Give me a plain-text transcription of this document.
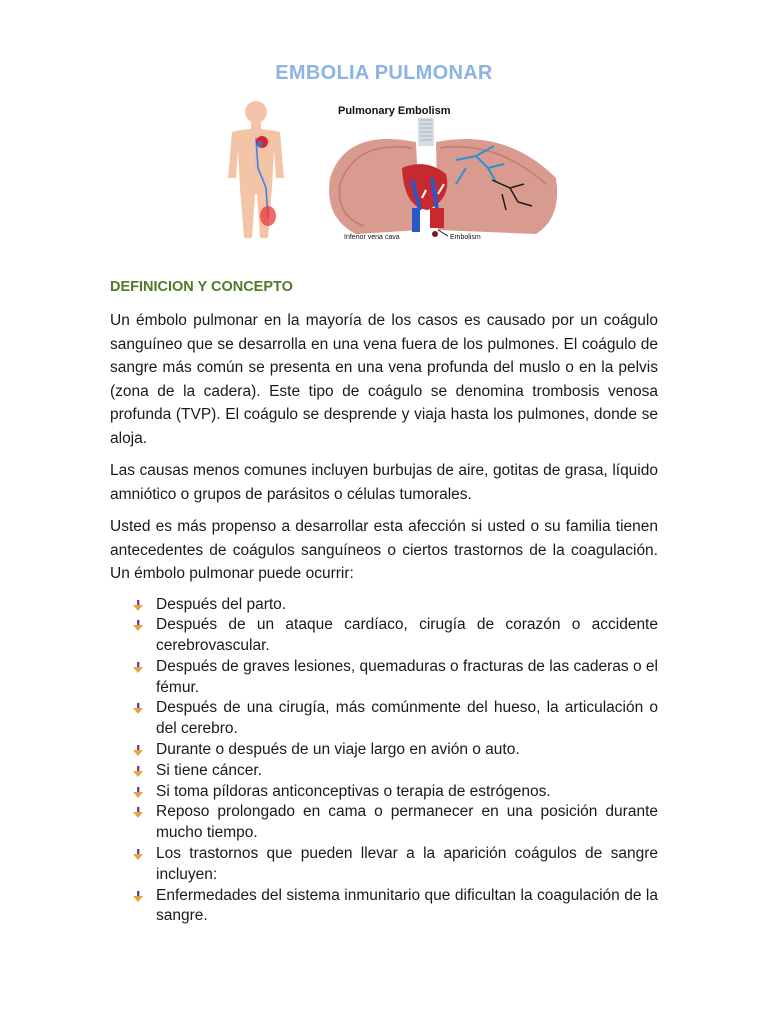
EMBOLIA PULMONAR
Pulmonary Embolism
Inferior vena cava	Embolism
DEFINICION Y CONCEPTO

Un émbolo pulmonar en la mayoría de los casos es causado por un coágulo sanguíneo que se desarrolla en una vena fuera de los pulmones. El coágulo de sangre más común se presenta en una vena profunda del muslo o en la pelvis (zona de la cadera). Este tipo de coágulo se denomina trombosis venosa profunda (TVP). El coágulo se desprende y viaja hasta los pulmones, donde se aloja.

Las causas menos comunes incluyen burbujas de aire, gotitas de grasa, líquido amniótico o grupos de parásitos o células tumorales.

Usted es más propenso a desarrollar esta afección si usted o su familia tienen antecedentes de coágulos sanguíneos o ciertos trastornos de la coagulación. Un émbolo pulmonar puede ocurrir:

Después del parto.
Después de un ataque cardíaco, cirugía de corazón o accidente cerebrovascular.
Después de graves lesiones, quemaduras o fracturas de las caderas o el fémur.
Después de una cirugía, más comúnmente del hueso, la articulación o del cerebro.
Durante o después de un viaje largo en avión o auto.
Si tiene cáncer.
Si toma píldoras anticonceptivas o terapia de estrógenos.
Reposo prolongado en cama o permanecer en una posición durante mucho tiempo.
Los trastornos que pueden llevar a la aparición coágulos de sangre incluyen:
Enfermedades del sistema inmunitario que dificultan la coagulación de la sangre.
